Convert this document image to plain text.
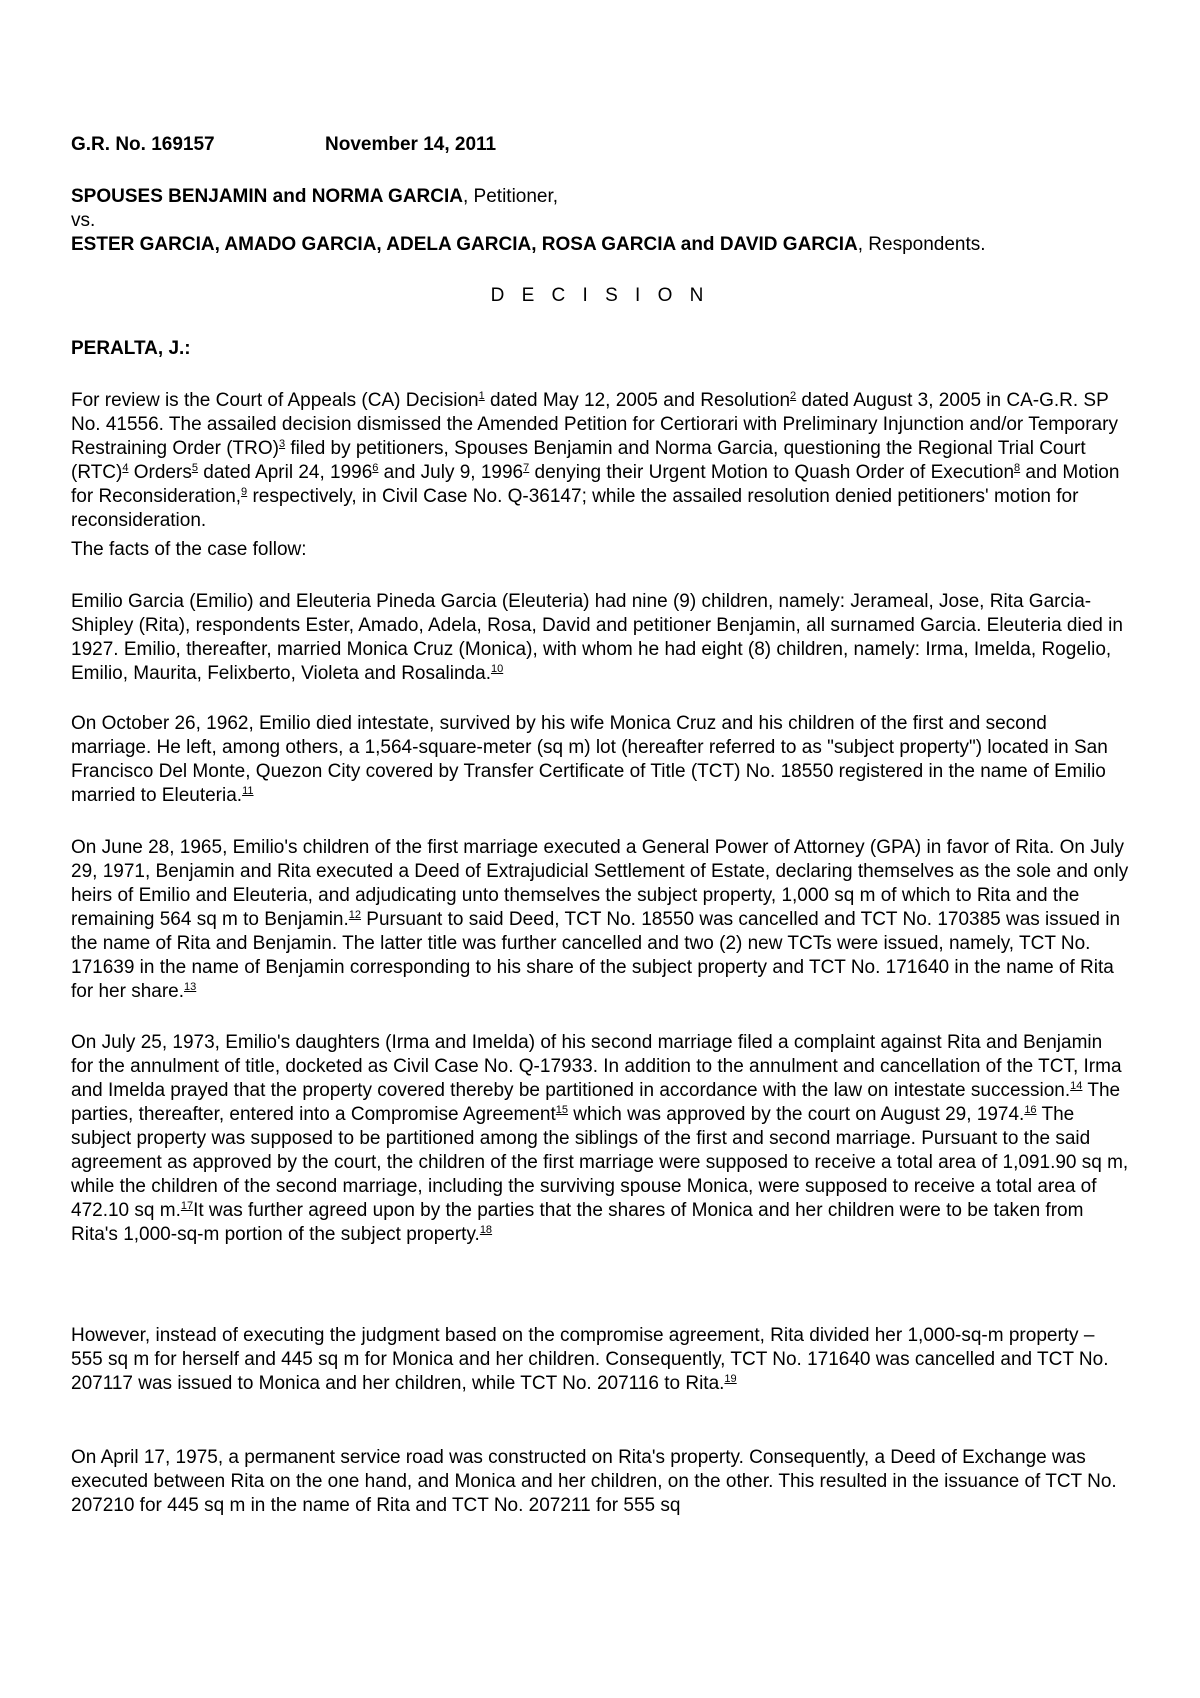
G.R. No. 169157	November 14, 2011
SPOUSES BENJAMIN and NORMA GARCIA, Petitioner,
vs.
ESTER GARCIA, AMADO GARCIA, ADELA GARCIA, ROSA GARCIA and DAVID GARCIA, Respondents.
D E C I S I O N
PERALTA, J.:

For review is the Court of Appeals (CA) Decision$^1$ dated May 12, 2005 and Resolution$^2$ dated August 3, 2005 in CA-G.R. SP No. 41556. The assailed decision dismissed the Amended Petition for Certiorari with Preliminary Injunction and/or Temporary Restraining Order (TRO)$^3$ filed by petitioners, Spouses Benjamin and Norma Garcia, questioning the Regional Trial Court (RTC)$^4$ Orders$^5$ dated April 24, 1996$^6$ and July 9, 1996$^7$ denying their Urgent Motion to Quash Order of Execution$^8$ and Motion for Reconsideration,$^9$ respectively, in Civil Case No. Q-36147; while the assailed resolution denied petitioners' motion for reconsideration.

The facts of the case follow:

Emilio Garcia (Emilio) and Eleuteria Pineda Garcia (Eleuteria) had nine (9) children, namely: Jerameal, Jose, Rita Garcia-Shipley (Rita), respondents Ester, Amado, Adela, Rosa, David and petitioner Benjamin, all surnamed Garcia. Eleuteria died in 1927. Emilio, thereafter, married Monica Cruz (Monica), with whom he had eight (8) children, namely: Irma, Imelda, Rogelio, Emilio, Maurita, Felixberto, Violeta and Rosalinda.$^{10}$

On October 26, 1962, Emilio died intestate, survived by his wife Monica Cruz and his children of the first and second marriage. He left, among others, a 1,564-square-meter (sq m) lot (hereafter referred to as "subject property") located in San Francisco Del Monte, Quezon City covered by Transfer Certificate of Title (TCT) No. 18550 registered in the name of Emilio married to Eleuteria.$^{11}$

On June 28, 1965, Emilio's children of the first marriage executed a General Power of Attorney (GPA) in favor of Rita. On July 29, 1971, Benjamin and Rita executed a Deed of Extrajudicial Settlement of Estate, declaring themselves as the sole and only heirs of Emilio and Eleuteria, and adjudicating unto themselves the subject property, 1,000 sq m of which to Rita and the remaining 564 sq m to Benjamin.$^{12}$ Pursuant to said Deed, TCT No. 18550 was cancelled and TCT No. 170385 was issued in the name of Rita and Benjamin. The latter title was further cancelled and two (2) new TCTs were issued, namely, TCT No. 171639 in the name of Benjamin corresponding to his share of the subject property and TCT No. 171640 in the name of Rita for her share.$^{13}$

On July 25, 1973, Emilio's daughters (Irma and Imelda) of his second marriage filed a complaint against Rita and Benjamin for the annulment of title, docketed as Civil Case No. Q-17933. In addition to the annulment and cancellation of the TCT, Irma and Imelda prayed that the property covered thereby be partitioned in accordance with the law on intestate succession.$^{14}$ The parties, thereafter, entered into a Compromise Agreement$^{15}$ which was approved by the court on August 29, 1974.16 The subject property was supposed to be partitioned among the siblings of the first and second marriage. Pursuant to the said agreement as approved by the court, the children of the first marriage were supposed to receive a total area of 1,091.90 sq m, while the children of the second marriage, including the surviving spouse Monica, were supposed to receive a total area of 472.10 sq m.$^{17}$It was further agreed upon by the parties that the shares of Monica and her children were to be taken from Rita's 1,000-sq-m portion of the subject property.$^{18}$

However, instead of executing the judgment based on the compromise agreement, Rita divided her 1,000-sq-m property – 555 sq m for herself and 445 sq m for Monica and her children. Consequently, TCT No. 171640 was cancelled and TCT No. 207117 was issued to Monica and her children, while TCT No. 207116 to Rita.$^{19}$

On April 17, 1975, a permanent service road was constructed on Rita's property. Consequently, a Deed of Exchange was executed between Rita on the one hand, and Monica and her children, on the other. This resulted in the issuance of TCT No. 207210 for 445 sq m in the name of Rita and TCT No. 207211 for 555 sq
